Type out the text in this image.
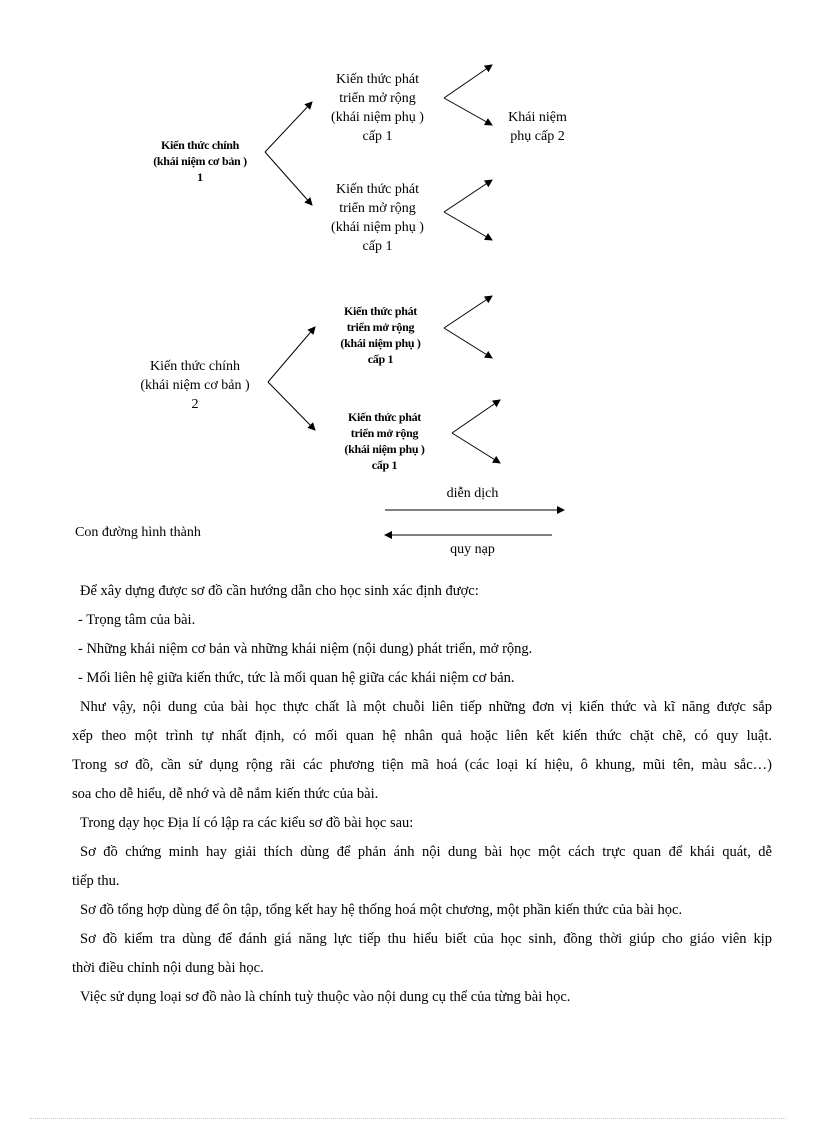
Kiến thức chính
(khái niệm cơ bản )
1
Kiến thức phát
triển mở rộng
(khái niệm phụ )
cấp 1
Kiến thức phát
triển mở rộng
(khái niệm phụ )
cấp 1
Khái niệm
phụ cấp 2
Kiến thức chính
(khái niệm cơ bản )
2
Kiến thức phát
triển mở rộng
(khái niệm phụ )
cấp 1
Kiến thức phát
triển mở rộng
(khái niệm phụ )
cấp 1
diễn dịch
quy nạp
Con đường hình thành
Để xây dựng được sơ đồ cần hướng dẫn cho học sinh xác định được:
- Trọng tâm của bài.
- Những khái niệm cơ bản và những khái niệm (nội dung) phát triển, mở rộng.
- Mối liên hệ giữa kiến thức, tức là mối quan hệ giữa các khái niệm cơ bản.
Như vậy, nội dung của bài học thực chất là một chuỗi liên tiếp những đơn vị kiến thức và kĩ năng được sắp
xếp theo một trình tự nhất định, có mối quan hệ nhân quả hoặc liên kết kiến thức chặt chẽ, có quy luật.
Trong sơ đồ, cần sử dụng rộng rãi các phương tiện mã hoá (các loại kí hiệu, ô khung, mũi tên, màu sắc…)
soa cho dễ hiểu, dễ nhớ và dễ nắm kiến thức của bài.
Trong dạy học Địa lí có lập ra các kiểu sơ đồ bài học sau:
Sơ đồ chứng minh hay giải thích dùng để phản ánh nội dung bài học một cách trực quan để khái quát, dễ
tiếp thu.
Sơ đồ tổng hợp dùng để ôn tập, tổng kết hay hệ thống hoá một chương, một phần kiến thức của bài học.
Sơ đồ kiểm tra dùng để đánh giá năng lực tiếp thu hiểu biết của học sinh, đồng thời giúp cho giáo viên kịp
thời điều chỉnh nội dung bài học.
Việc sử dụng loại sơ đồ nào là chính tuỳ thuộc vào nội dung cụ thể của từng bài học.
